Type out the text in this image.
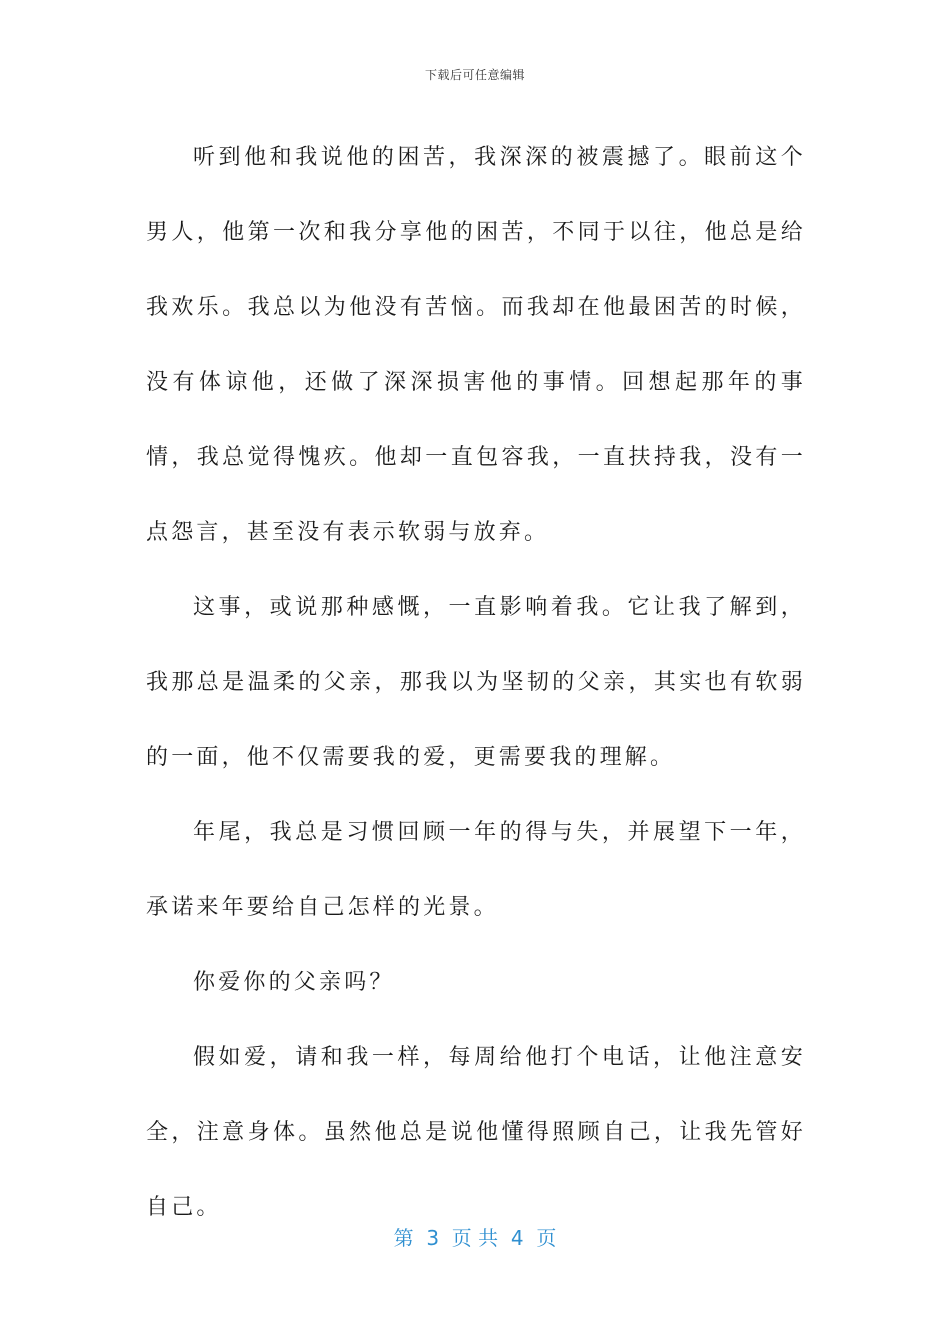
下载后可任意编辑

听到他和我说他的困苦，我深深的被震撼了。眼前这个男人，他第一次和我分享他的困苦，不同于以往，他总是给我欢乐。我总以为他没有苦恼。而我却在他最困苦的时候，没有体谅他，还做了深深损害他的事情。回想起那年的事情，我总觉得愧疚。他却一直包容我，一直扶持我，没有一点怨言，甚至没有表示软弱与放弃。

这事，或说那种感慨，一直影响着我。它让我了解到，我那总是温柔的父亲，那我以为坚韧的父亲，其实也有软弱的一面，他不仅需要我的爱，更需要我的理解。

年尾，我总是习惯回顾一年的得与失，并展望下一年，承诺来年要给自己怎样的光景。

你爱你的父亲吗？

假如爱，请和我一样，每周给他打个电话，让他注意安全，注意身体。虽然他总是说他懂得照顾自己，让我先管好自己。

第  3  页 共  4  页
